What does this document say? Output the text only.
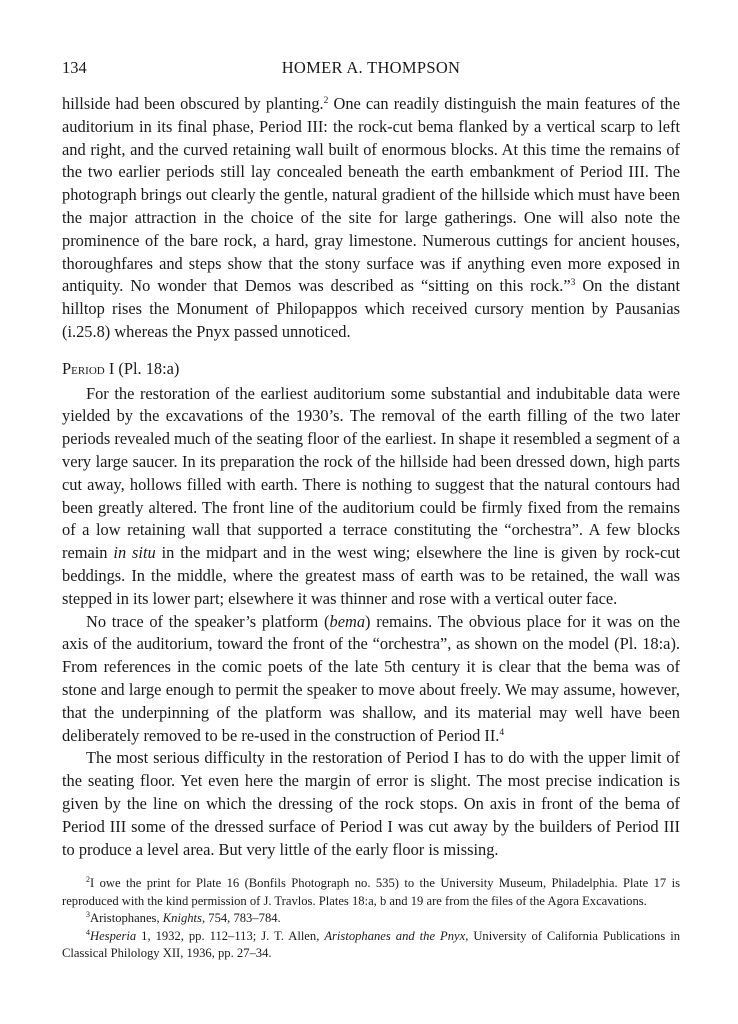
134	HOMER A. THOMPSON

hillside had been obscured by planting.$^2$ One can readily distinguish the main features of the auditorium in its final phase, Period III: the rock-cut bema flanked by a vertical scarp to left and right, and the curved retaining wall built of enormous blocks. At this time the remains of the two earlier periods still lay concealed beneath the earth embankment of Period III. The photograph brings out clearly the gentle, natural gradient of the hillside which must have been the major attraction in the choice of the site for large gatherings. One will also note the prominence of the bare rock, a hard, gray limestone. Numerous cuttings for ancient houses, thoroughfares and steps show that the stony surface was if anything even more exposed in antiquity. No wonder that Demos was described as “sitting on this rock.”$^3$ On the distant hilltop rises the Monument of Philopappos which received cursory mention by Pausanias (i.25.8) whereas the Pnyx passed unnoticed.

Period I (Pl. 18:a)

For the restoration of the earliest auditorium some substantial and indubitable data were yielded by the excavations of the 1930’s. The removal of the earth filling of the two later periods revealed much of the seating floor of the earliest. In shape it resembled a segment of a very large saucer. In its preparation the rock of the hillside had been dressed down, high parts cut away, hollows filled with earth. There is nothing to suggest that the natural contours had been greatly altered. The front line of the auditorium could be firmly fixed from the remains of a low retaining wall that supported a terrace constituting the “orchestra”. A few blocks remain in situ in the midpart and in the west wing; elsewhere the line is given by rock-cut beddings. In the middle, where the greatest mass of earth was to be retained, the wall was stepped in its lower part; elsewhere it was thinner and rose with a vertical outer face.

No trace of the speaker’s platform (bema) remains. The obvious place for it was on the axis of the auditorium, toward the front of the “orchestra”, as shown on the model (Pl. 18:a). From references in the comic poets of the late 5th century it is clear that the bema was of stone and large enough to permit the speaker to move about freely. We may assume, however, that the underpinning of the platform was shallow, and its material may well have been deliberately removed to be re-used in the construction of Period II.$^4$

The most serious difficulty in the restoration of Period I has to do with the upper limit of the seating floor. Yet even here the margin of error is slight. The most precise indication is given by the line on which the dressing of the rock stops. On axis in front of the bema of Period III some of the dressed surface of Period I was cut away by the builders of Period III to produce a level area. But very little of the early floor is missing.

$^2$I owe the print for Plate 16 (Bonfils Photograph no. 535) to the University Museum, Philadelphia. Plate 17 is reproduced with the kind permission of J. Travlos. Plates 18:a, b and 19 are from the files of the Agora Excavations.

$^3$Aristophanes, Knights, 754, 783–784.

$^4$Hesperia 1, 1932, pp. 112–113; J. T. Allen, Aristophanes and the Pnyx, University of California Publications in Classical Philology XII, 1936, pp. 27–34.
